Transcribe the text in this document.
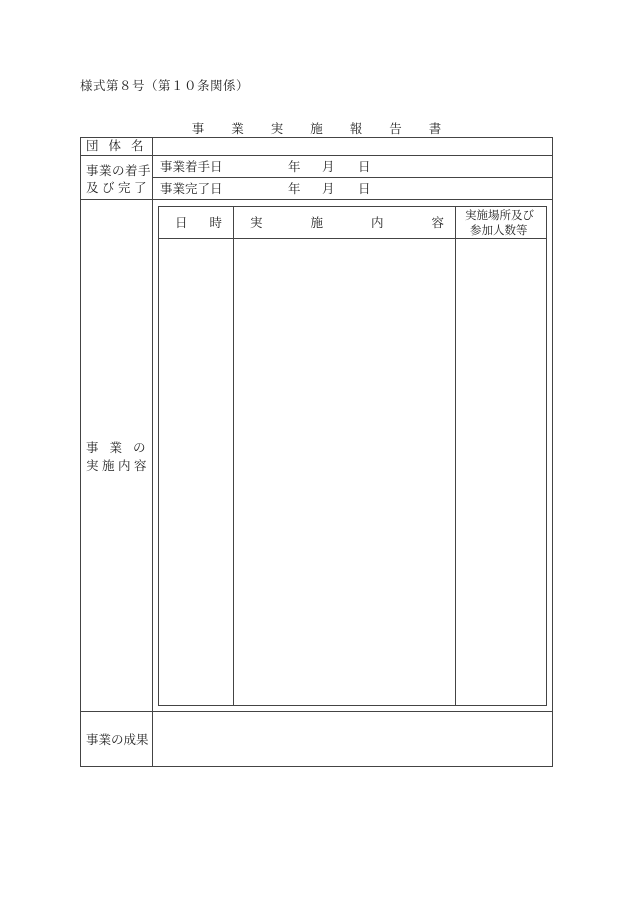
様式第８号（第１０条関係）
事業実施報告書
団体名
事業の着手
及び完了
事業着手日	年 月 日
事業完了日	年 月 日
事業の
実施内容
日時 実施内容
実施場所及び
参加人数等
事業の成果
